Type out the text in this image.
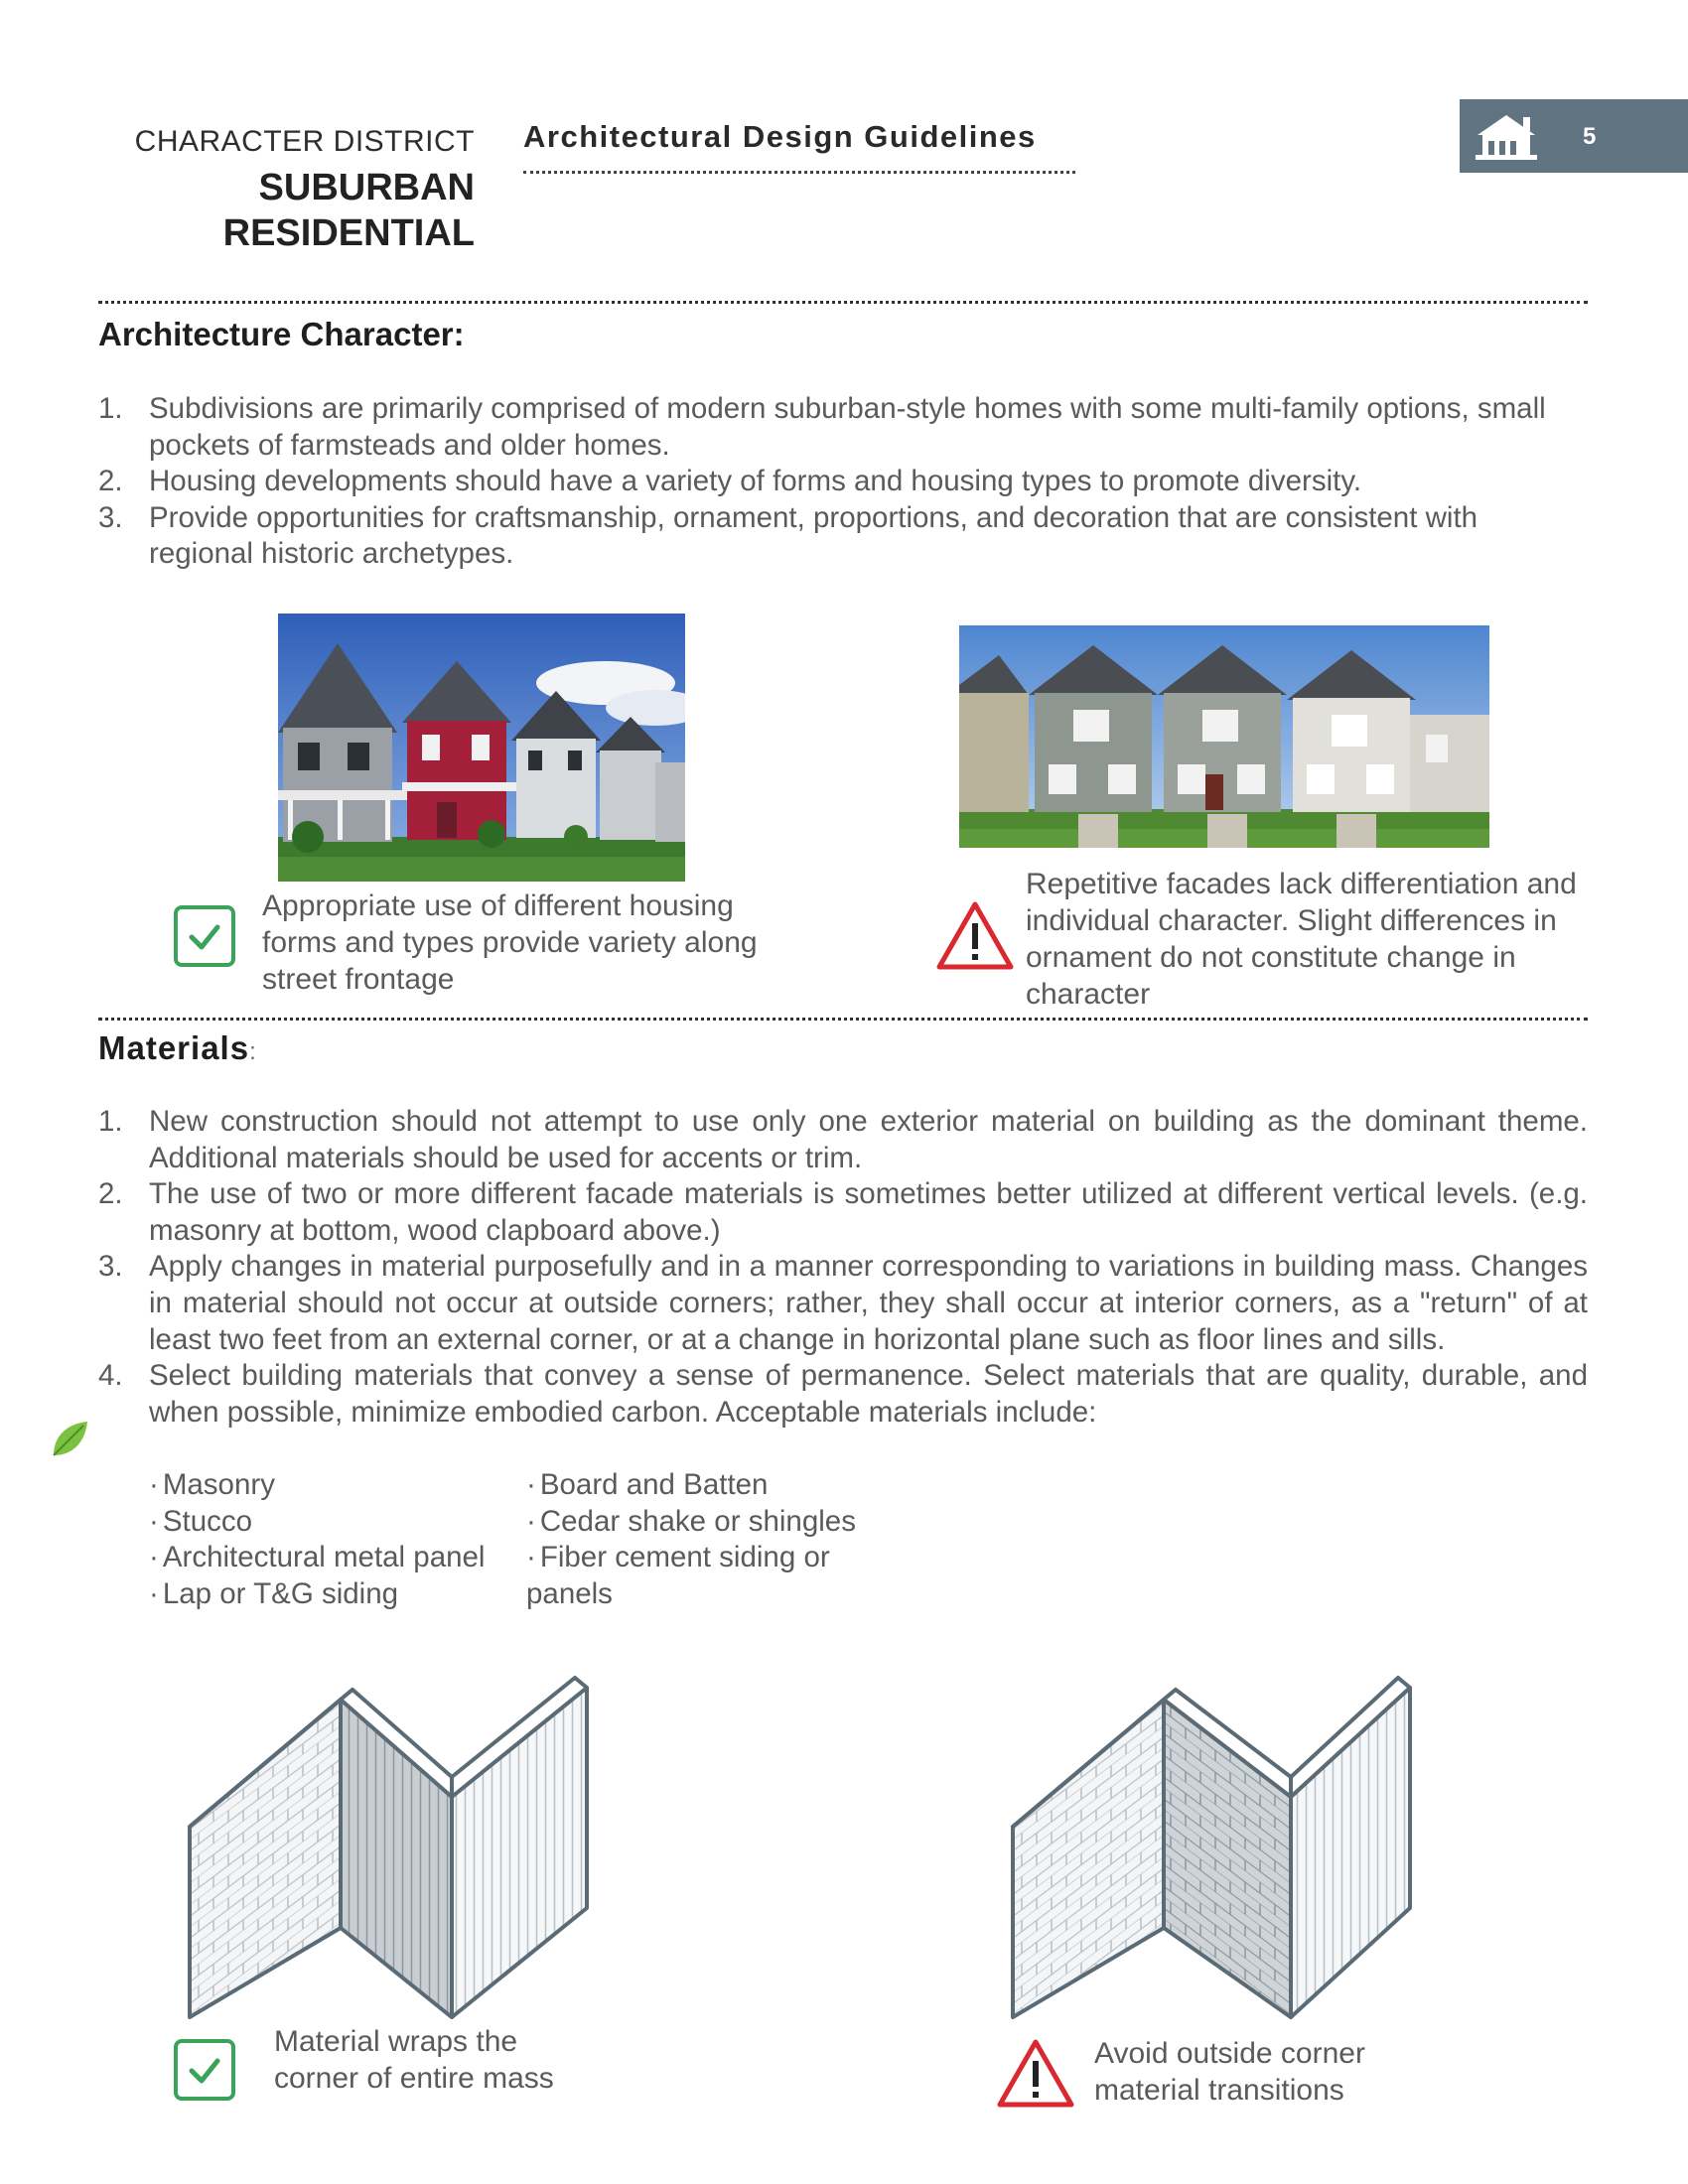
CHARACTER DISTRICT
SUBURBAN
RESIDENTIAL
Architectural Design Guidelines	5
Architecture Character:
1. Subdivisions are primarily comprised of modern suburban-style homes with some multi-family options, small pockets of farmsteads and older homes.
2. Housing developments should have a variety of forms and housing types to promote diversity.
3. Provide opportunities for craftsmanship, ornament, proportions, and decoration that are consistent with regional historic archetypes.
Appropriate use of different housing forms and types provide variety along street frontage
Repetitive facades lack differentiation and individual character. Slight differences in ornament do not constitute change in character
Materials:
1. New construction should not attempt to use only one exterior material on building as the dominant theme. Additional materials should be used for accents or trim.
2. The use of two or more different facade materials is sometimes better utilized at different vertical levels. (e.g. masonry at bottom, wood clapboard above.)
3. Apply changes in material purposefully and in a manner corresponding to variations in building mass. Changes in material should not occur at outside corners; rather, they shall occur at interior corners, as a "return" of at least two feet from an external corner, or at a change in horizontal plane such as floor lines and sills.
4. Select building materials that convey a sense of permanence. Select materials that are quality, durable, and when possible, minimize embodied carbon. Acceptable materials include:
· Masonry
· Stucco
· Architectural metal panel
· Lap or T&G siding
· Board and Batten
· Cedar shake or shingles
· Fiber cement siding or panels
Material wraps the corner of entire mass
Avoid outside corner material transitions
